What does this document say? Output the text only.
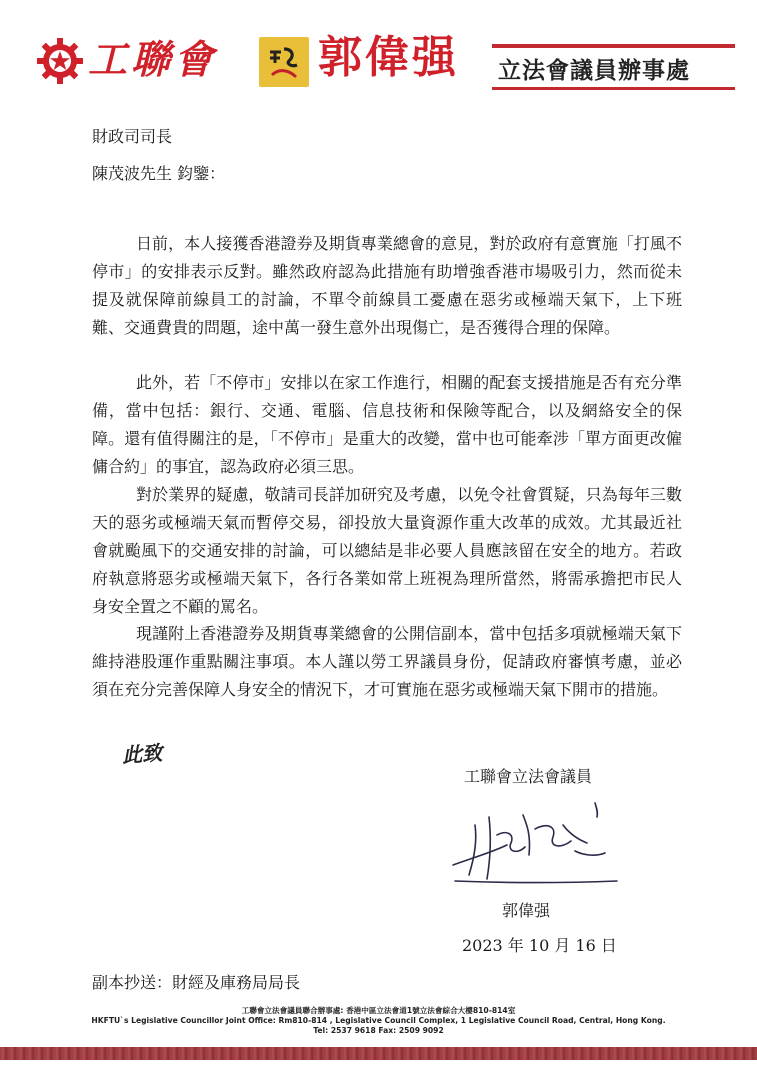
工聯會 郭偉强 立法會議員辦事處
財政司司長
陳茂波先生 鈞鑒：
日前，本人接獲香港證券及期貨專業總會的意見，對於政府有意實施「打風不停市」的安排表示反對。雖然政府認為此措施有助增強香港市場吸引力，然而從未提及就保障前線員工的討論，不單令前線員工憂慮在惡劣或極端天氣下，上下班難、交通費貴的問題，途中萬一發生意外出現傷亡，是否獲得合理的保障。
此外，若「不停市」安排以在家工作進行，相關的配套支援措施是否有充分準備，當中包括：銀行、交通、電腦、信息技術和保險等配合，以及網絡安全的保障。還有值得關注的是，「不停市」是重大的改變，當中也可能牽涉「單方面更改僱傭合約」的事宜，認為政府必須三思。
對於業界的疑慮，敬請司長詳加研究及考慮，以免令社會質疑，只為每年三數天的惡劣或極端天氣而暫停交易，卻投放大量資源作重大改革的成效。尤其最近社會就颱風下的交通安排的討論，可以總結是非必要人員應該留在安全的地方。若政府執意將惡劣或極端天氣下，各行各業如常上班視為理所當然，將需承擔把市民人身安全置之不顧的罵名。
現謹附上香港證券及期貨專業總會的公開信副本，當中包括多項就極端天氣下維持港股運作重點關注事項。本人謹以勞工界議員身份，促請政府審慎考慮，並必須在充分完善保障人身安全的情況下，才可實施在惡劣或極端天氣下開市的措施。
此致
工聯會立法會議員
郭偉强
2023 年 10 月 16 日
副本抄送：財經及庫務局局長
工聯會立法會議員聯合辦事處: 香港中區立法會道1號立法會綜合大樓810-814室
HKFTU`s Legislative Councillor Joint Office: Rm810-814 , Legislative Council Complex, 1 Legislative Council Road, Central, Hong Kong.
Tel: 2537 9618 Fax: 2509 9092
